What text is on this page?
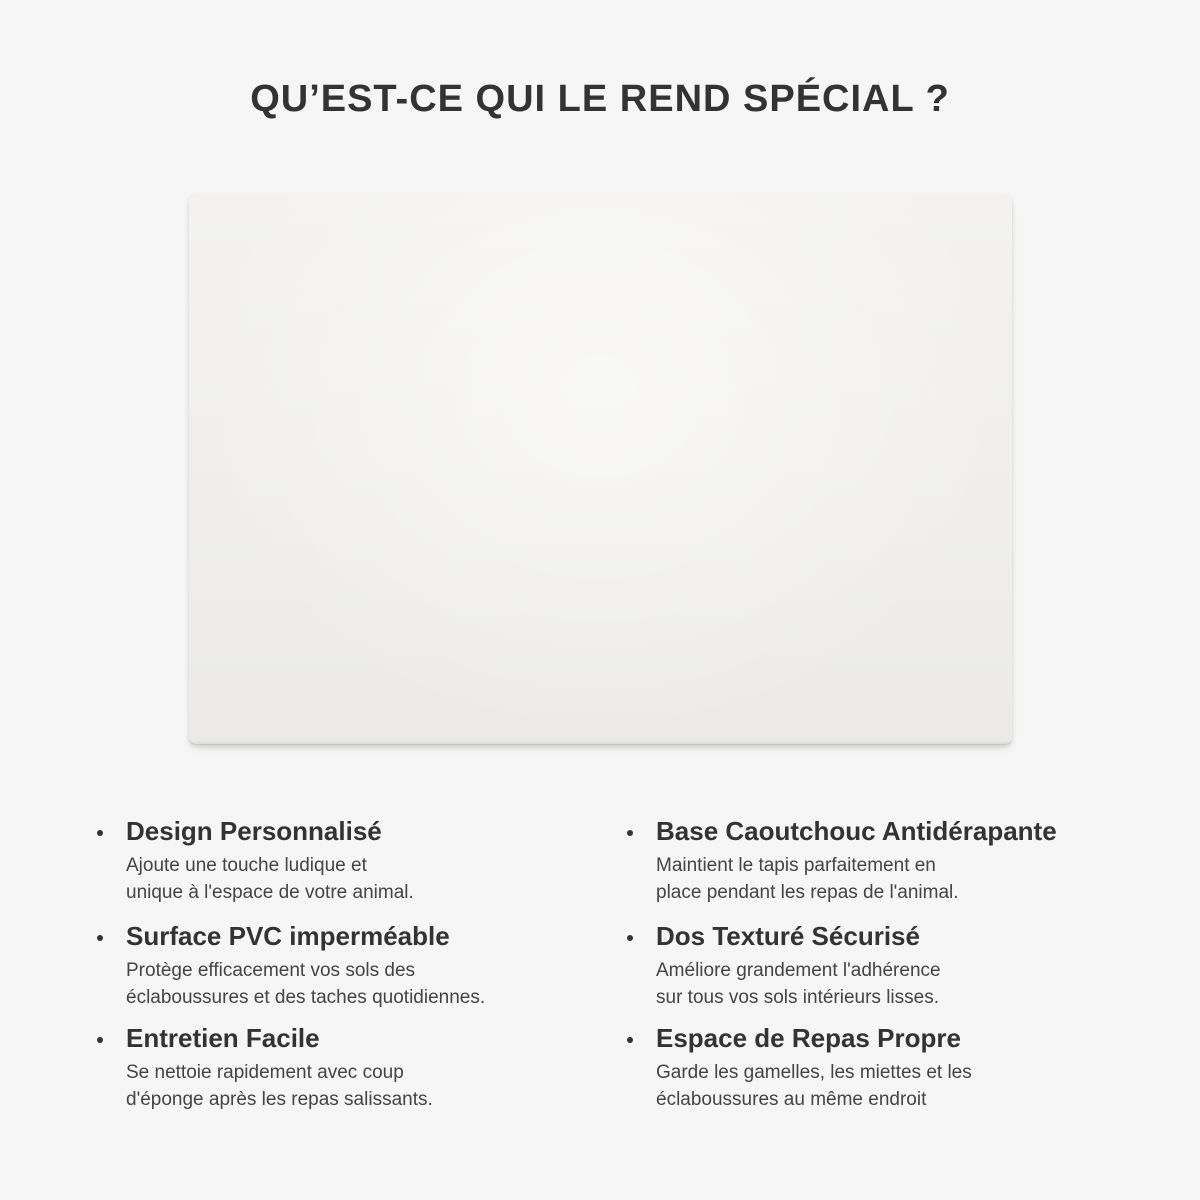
QU’EST-CE QUI LE REND SPÉCIAL ?
Design Personnalisé
Ajoute une touche ludique et
unique à l'espace de votre animal.
Base Caoutchouc Antidérapante
Maintient le tapis parfaitement en
place pendant les repas de l'animal.
Surface PVC imperméable
Protège efficacement vos sols des
éclaboussures et des taches quotidiennes.
Dos Texturé Sécurisé
Améliore grandement l'adhérence
sur tous vos sols intérieurs lisses.
Entretien Facile
Se nettoie rapidement avec coup
d'éponge après les repas salissants.
Espace de Repas Propre
Garde les gamelles, les miettes et les
éclaboussures au même endroit
